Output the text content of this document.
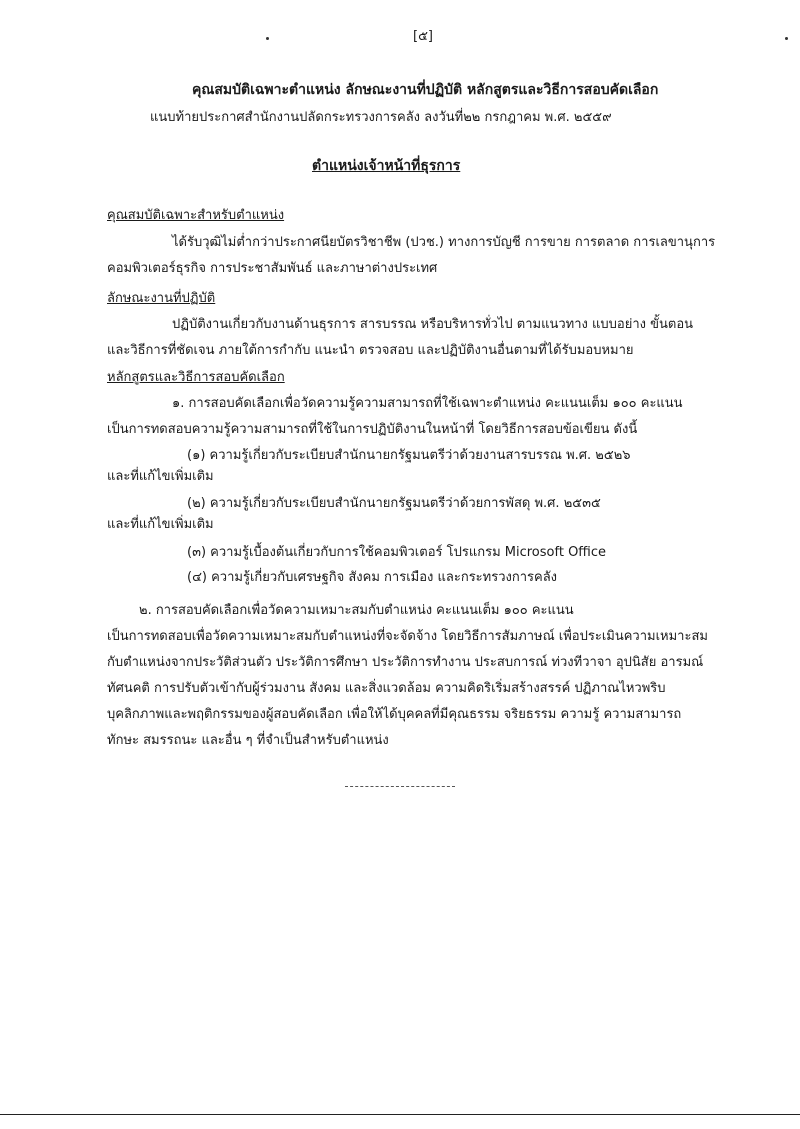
[๕]
คุณสมบัติเฉพาะตำแหน่ง ลักษณะงานที่ปฏิบัติ หลักสูตรและวิธีการสอบคัดเลือก
แนบท้ายประกาศสำนักงานปลัดกระทรวงการคลัง ลงวันที่๒๒ กรกฎาคม พ.ศ. ๒๕๕๙
ตำแหน่งเจ้าหน้าที่ธุรการ
คุณสมบัติเฉพาะสำหรับตำแหน่ง
ได้รับวุฒิไม่ต่ำกว่าประกาศนียบัตรวิชาชีพ (ปวช.) ทางการบัญชี การขาย การตลาด การเลขานุการ
คอมพิวเตอร์ธุรกิจ การประชาสัมพันธ์ และภาษาต่างประเทศ
ลักษณะงานที่ปฏิบัติ
ปฏิบัติงานเกี่ยวกับงานด้านธุรการ สารบรรณ หรือบริหารทั่วไป ตามแนวทาง แบบอย่าง ขั้นตอน
และวิธีการที่ชัดเจน ภายใต้การกำกับ แนะนำ ตรวจสอบ และปฏิบัติงานอื่นตามที่ได้รับมอบหมาย
หลักสูตรและวิธีการสอบคัดเลือก
๑. การสอบคัดเลือกเพื่อวัดความรู้ความสามารถที่ใช้เฉพาะตำแหน่ง คะแนนเต็ม ๑๐๐ คะแนน
เป็นการทดสอบความรู้ความสามารถที่ใช้ในการปฏิบัติงานในหน้าที่ โดยวิธีการสอบข้อเขียน ดังนี้
(๑) ความรู้เกี่ยวกับระเบียบสำนักนายกรัฐมนตรีว่าด้วยงานสารบรรณ พ.ศ. ๒๕๒๖
และที่แก้ไขเพิ่มเติม
(๒) ความรู้เกี่ยวกับระเบียบสำนักนายกรัฐมนตรีว่าด้วยการพัสดุ พ.ศ. ๒๕๓๕
และที่แก้ไขเพิ่มเติม
(๓) ความรู้เบื้องต้นเกี่ยวกับการใช้คอมพิวเตอร์ โปรแกรม Microsoft Office
(๔) ความรู้เกี่ยวกับเศรษฐกิจ สังคม การเมือง และกระทรวงการคลัง
๒. การสอบคัดเลือกเพื่อวัดความเหมาะสมกับตำแหน่ง คะแนนเต็ม ๑๐๐ คะแนน
เป็นการทดสอบเพื่อวัดความเหมาะสมกับตำแหน่งที่จะจัดจ้าง โดยวิธีการสัมภาษณ์ เพื่อประเมินความเหมาะสม
กับตำแหน่งจากประวัติส่วนตัว ประวัติการศึกษา ประวัติการทำงาน ประสบการณ์ ท่วงทีวาจา อุปนิสัย อารมณ์
ทัศนคติ การปรับตัวเข้ากับผู้ร่วมงาน สังคม และสิ่งแวดล้อม ความคิดริเริ่มสร้างสรรค์ ปฏิภาณไหวพริบ
บุคลิกภาพและพฤติกรรมของผู้สอบคัดเลือก เพื่อให้ได้บุคคลที่มีคุณธรรม จริยธรรม ความรู้ ความสามารถ
ทักษะ สมรรถนะ และอื่น ๆ ที่จำเป็นสำหรับตำแหน่ง
